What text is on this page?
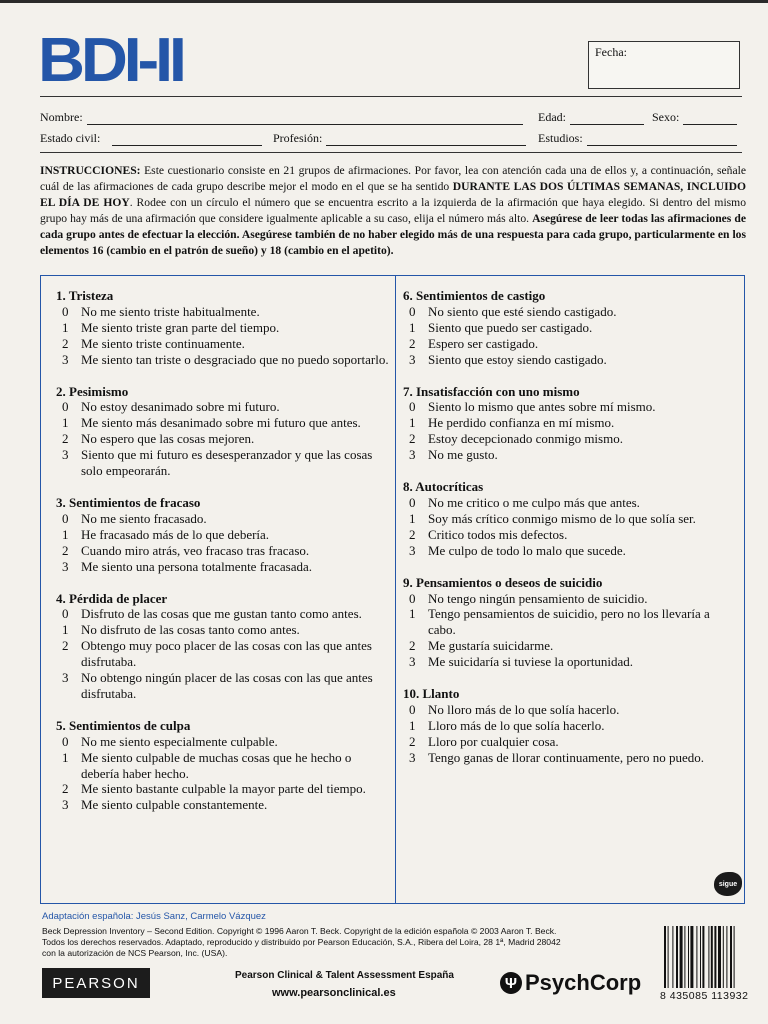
BDI-II	Fecha:
Nombre:	Edad:	Sexo:
Estado civil:	Profesión:	Estudios:
INSTRUCCIONES: Este cuestionario consiste en 21 grupos de afirmaciones. Por favor, lea con atención cada una de ellos y, a continuación, señale cuál de las afirmaciones de cada grupo describe mejor el modo en el que se ha sentido DURANTE LAS DOS ÚLTIMAS SEMANAS, INCLUIDO EL DÍA DE HOY. Rodee con un círculo el número que se encuentra escrito a la izquierda de la afirmación que haya elegido. Si dentro del mismo grupo hay más de una afirmación que considere igualmente aplicable a su caso, elija el número más alto. Asegúrese de leer todas las afirmaciones de cada grupo antes de efectuar la elección. Asegúrese también de no haber elegido más de una respuesta para cada grupo, particularmente en los elementos 16 (cambio en el patrón de sueño) y 18 (cambio en el apetito).
1. Tristeza
0 No me siento triste habitualmente.
1 Me siento triste gran parte del tiempo.
2 Me siento triste continuamente.
3 Me siento tan triste o desgraciado que no puedo soportarlo.
2. Pesimismo
0 No estoy desanimado sobre mi futuro.
1 Me siento más desanimado sobre mi futuro que antes.
2 No espero que las cosas mejoren.
3 Siento que mi futuro es desesperanzador y que las cosas solo empeorarán.
3. Sentimientos de fracaso
0 No me siento fracasado.
1 He fracasado más de lo que debería.
2 Cuando miro atrás, veo fracaso tras fracaso.
3 Me siento una persona totalmente fracasada.
4. Pérdida de placer
0 Disfruto de las cosas que me gustan tanto como antes.
1 No disfruto de las cosas tanto como antes.
2 Obtengo muy poco placer de las cosas con las que antes disfrutaba.
3 No obtengo ningún placer de las cosas con las que antes disfrutaba.
5. Sentimientos de culpa
0 No me siento especialmente culpable.
1 Me siento culpable de muchas cosas que he hecho o debería haber hecho.
2 Me siento bastante culpable la mayor parte del tiempo.
3 Me siento culpable constantemente.
6. Sentimientos de castigo
0 No siento que esté siendo castigado.
1 Siento que puedo ser castigado.
2 Espero ser castigado.
3 Siento que estoy siendo castigado.
7. Insatisfacción con uno mismo
0 Siento lo mismo que antes sobre mí mismo.
1 He perdido confianza en mí mismo.
2 Estoy decepcionado conmigo mismo.
3 No me gusto.
8. Autocríticas
0 No me critico o me culpo más que antes.
1 Soy más crítico conmigo mismo de lo que solía ser.
2 Critico todos mis defectos.
3 Me culpo de todo lo malo que sucede.
9. Pensamientos o deseos de suicidio
0 No tengo ningún pensamiento de suicidio.
1 Tengo pensamientos de suicidio, pero no los llevaría a cabo.
2 Me gustaría suicidarme.
3 Me suicidaría si tuviese la oportunidad.
10. Llanto
0 No lloro más de lo que solía hacerlo.
1 Lloro más de lo que solía hacerlo.
2 Lloro por cualquier cosa.
3 Tengo ganas de llorar continuamente, pero no puedo.
sigue
Adaptación española: Jesús Sanz, Carmelo Vázquez
Beck Depression Inventory – Second Edition. Copyright © 1996 Aaron T. Beck. Copyright de la edición española © 2003 Aaron T. Beck.
Todos los derechos reservados. Adaptado, reproducido y distribuido por Pearson Educación, S.A., Ribera del Loira, 28 1ª, Madrid 28042
con la autorización de NCS Pearson, Inc. (USA).
PEARSON	Pearson Clinical & Talent Assessment España
www.pearsonclinical.es
Ψ PsychCorp
8 435085 113932
